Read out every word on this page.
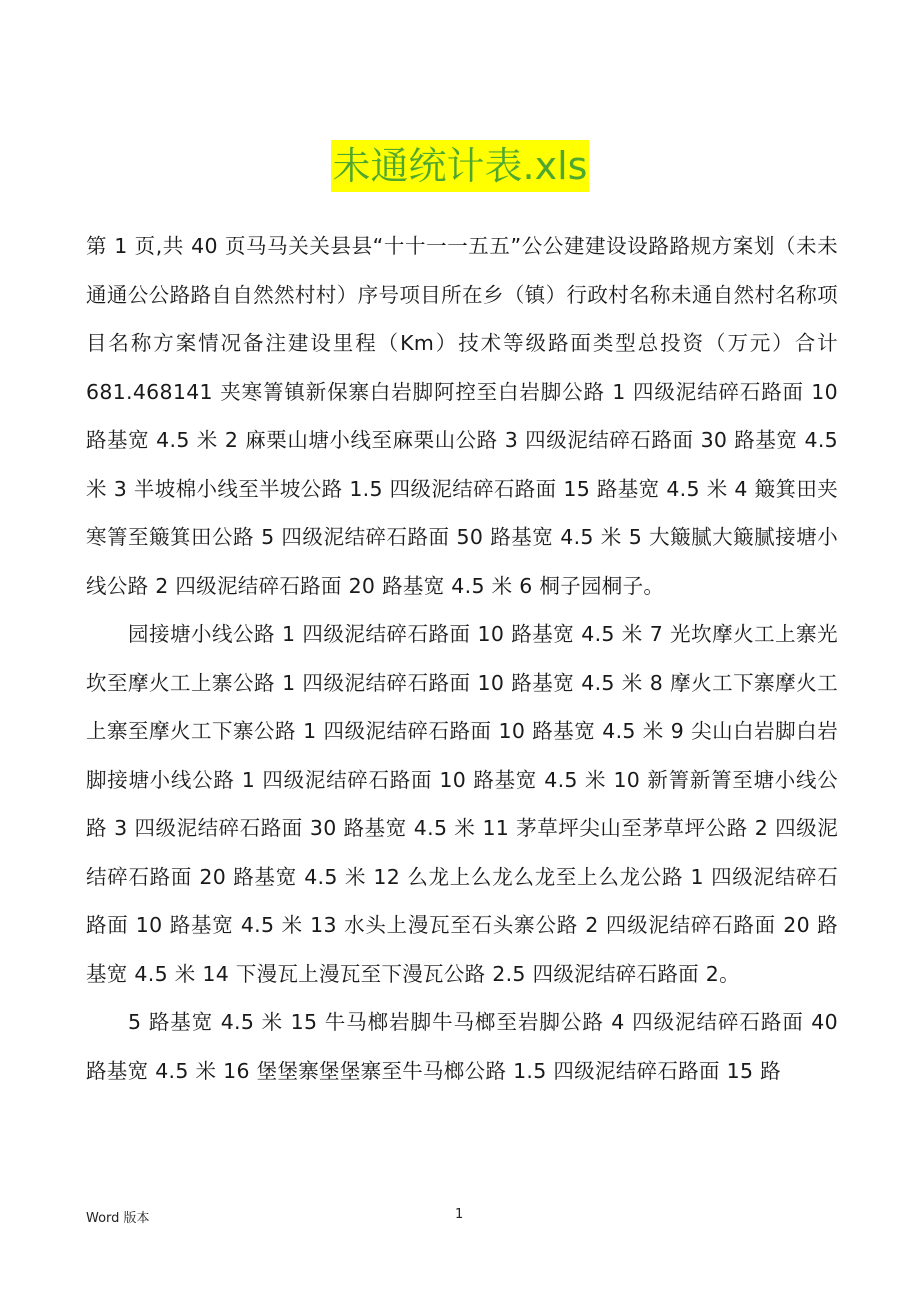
未通统计表.xls

第 1 页,共 40 页马马关关县县“十十一一五五”公公建建设设路路规方案划（未未通通公公路路自自然然村村）序号项目所在乡（镇）行政村名称未通自然村名称项目名称方案情况备注建设里程（Km）技术等级路面类型总投资（万元）合计 681.468141 夹寒箐镇新保寨白岩脚阿控至白岩脚公路 1 四级泥结碎石路面 10 路基宽 4.5 米 2 麻栗山塘小线至麻栗山公路 3 四级泥结碎石路面 30 路基宽 4.5 米 3 半坡棉小线至半坡公路 1.5 四级泥结碎石路面 15 路基宽 4.5 米 4 簸箕田夹寒箐至簸箕田公路 5 四级泥结碎石路面 50 路基宽 4.5 米 5 大簸腻大簸腻接塘小线公路 2 四级泥结碎石路面 20 路基宽 4.5 米 6 桐子园桐子。

园接塘小线公路 1 四级泥结碎石路面 10 路基宽 4.5 米 7 光坎摩火工上寨光坎至摩火工上寨公路 1 四级泥结碎石路面 10 路基宽 4.5 米 8 摩火工下寨摩火工上寨至摩火工下寨公路 1 四级泥结碎石路面 10 路基宽 4.5 米 9 尖山白岩脚白岩脚接塘小线公路 1 四级泥结碎石路面 10 路基宽 4.5 米 10 新箐新箐至塘小线公路 3 四级泥结碎石路面 30 路基宽 4.5 米 11 茅草坪尖山至茅草坪公路 2 四级泥结碎石路面 20 路基宽 4.5 米 12 么龙上么龙么龙至上么龙公路 1 四级泥结碎石路面 10 路基宽 4.5 米 13 水头上漫瓦至石头寨公路 2 四级泥结碎石路面 20 路基宽 4.5 米 14 下漫瓦上漫瓦至下漫瓦公路 2.5 四级泥结碎石路面 2。

5 路基宽 4.5 米 15 牛马榔岩脚牛马榔至岩脚公路 4 四级泥结碎石路面 40 路基宽 4.5 米 16 堡堡寨堡堡寨至牛马榔公路 1.5 四级泥结碎石路面 15 路

Word 版本	1
